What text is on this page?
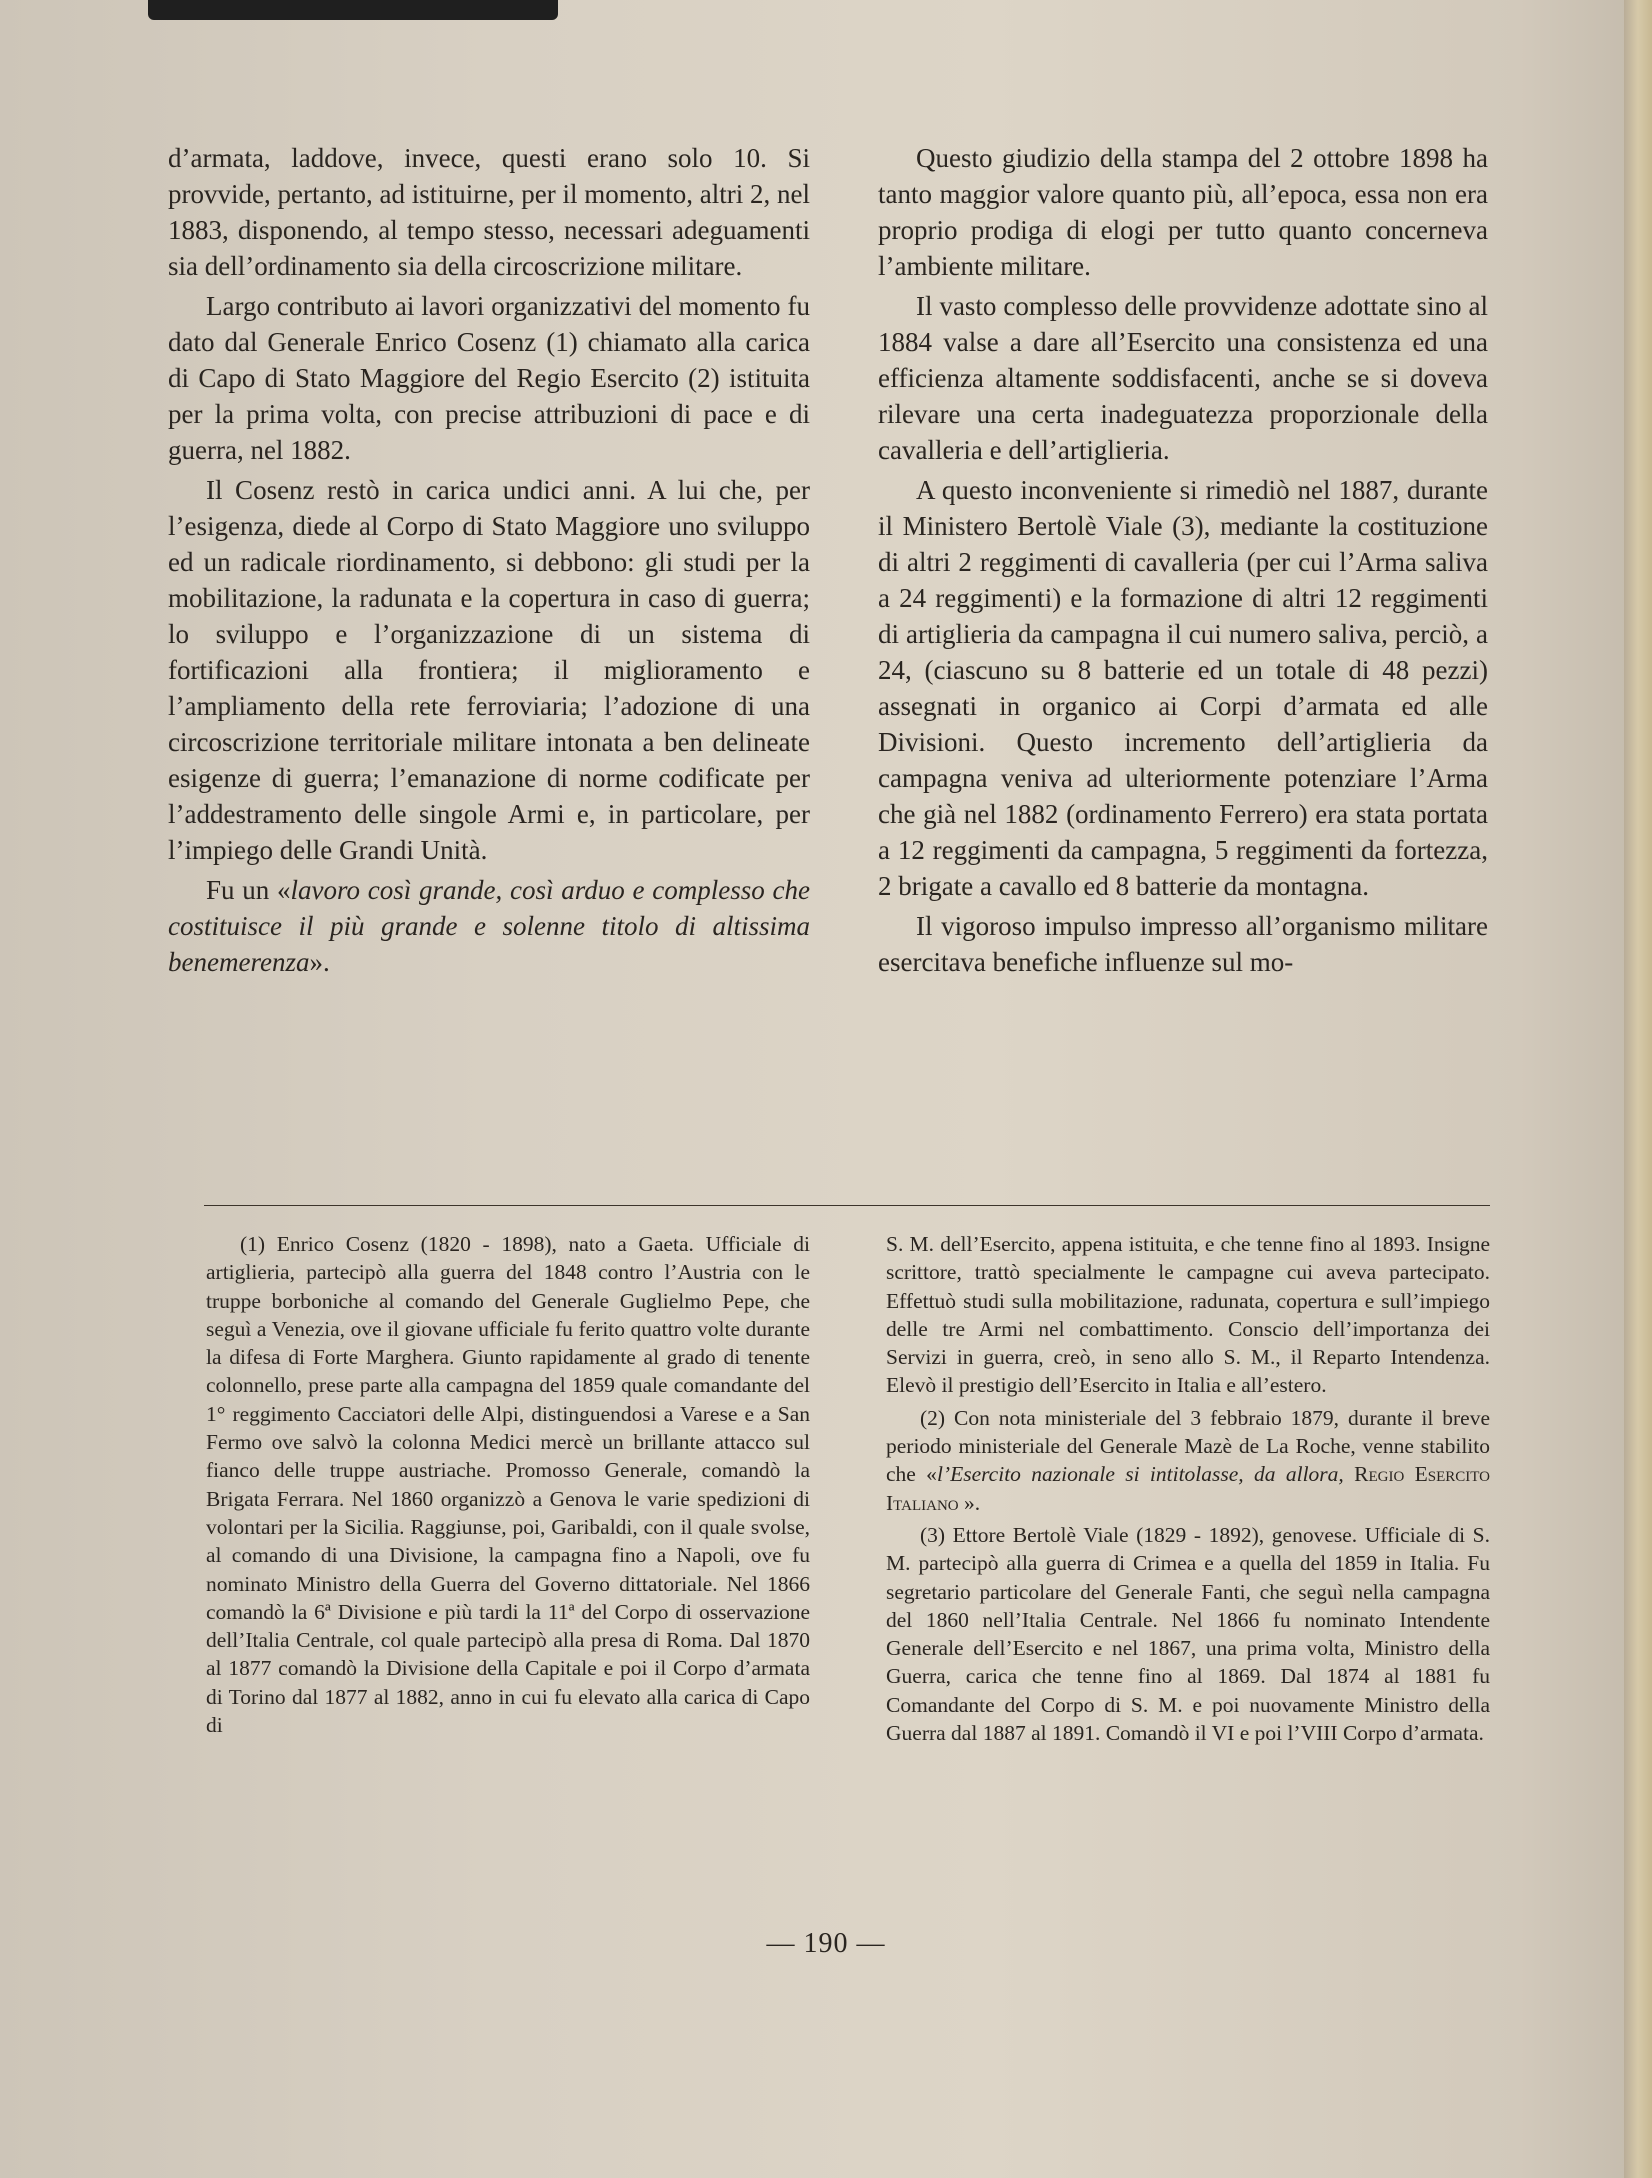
d’armata, laddove, invece, questi erano solo 10. Si provvide, pertanto, ad istituirne, per il momento, altri 2, nel 1883, disponendo, al tempo stesso, necessari adeguamenti sia dell’ordinamento sia della circoscrizione militare.

Largo contributo ai lavori organizzativi del momento fu dato dal Generale Enrico Cosenz (1) chiamato alla carica di Capo di Stato Maggiore del Regio Esercito (2) istituita per la prima volta, con precise attribuzioni di pace e di guerra, nel 1882.

Il Cosenz restò in carica undici anni. A lui che, per l’esigenza, diede al Corpo di Stato Maggiore uno sviluppo ed un radicale riordinamento, si debbono: gli studi per la mobilitazione, la radunata e la copertura in caso di guerra; lo sviluppo e l’organizzazione di un sistema di fortificazioni alla frontiera; il miglioramento e l’ampliamento della rete ferroviaria; l’adozione di una circoscrizione territoriale militare intonata a ben delineate esigenze di guerra; l’emanazione di norme codificate per l’addestramento delle singole Armi e, in particolare, per l’impiego delle Grandi Unità.

Fu un «lavoro così grande, così arduo e complesso che costituisce il più grande e solenne titolo di altissima benemerenza».

Questo giudizio della stampa del 2 ottobre 1898 ha tanto maggior valore quanto più, all’epoca, essa non era proprio prodiga di elogi per tutto quanto concerneva l’ambiente militare.

Il vasto complesso delle provvidenze adottate sino al 1884 valse a dare all’Esercito una consistenza ed una efficienza altamente soddisfacenti, anche se si doveva rilevare una certa inadeguatezza proporzionale della cavalleria e dell’artiglieria.

A questo inconveniente si rimediò nel 1887, durante il Ministero Bertolè Viale (3), mediante la costituzione di altri 2 reggimenti di cavalleria (per cui l’Arma saliva a 24 reggimenti) e la formazione di altri 12 reggimenti di artiglieria da campagna il cui numero saliva, perciò, a 24, (ciascuno su 8 batterie ed un totale di 48 pezzi) assegnati in organico ai Corpi d’armata ed alle Divisioni. Questo incremento dell’artiglieria da campagna veniva ad ulteriormente potenziare l’Arma che già nel 1882 (ordinamento Ferrero) era stata portata a 12 reggimenti da campagna, 5 reggimenti da fortezza, 2 brigate a cavallo ed 8 batterie da montagna.

Il vigoroso impulso impresso all’organismo militare esercitava benefiche influenze sul mo-

(1) Enrico Cosenz (1820 - 1898), nato a Gaeta. Ufficiale di artiglieria, partecipò alla guerra del 1848 contro l’Austria con le truppe borboniche al comando del Generale Guglielmo Pepe, che seguì a Venezia, ove il giovane ufficiale fu ferito quattro volte durante la difesa di Forte Marghera. Giunto rapidamente al grado di tenente colonnello, prese parte alla campagna del 1859 quale comandante del 1° reggimento Cacciatori delle Alpi, distinguendosi a Varese e a San Fermo ove salvò la colonna Medici mercè un brillante attacco sul fianco delle truppe austriache. Promosso Generale, comandò la Brigata Ferrara. Nel 1860 organizzò a Genova le varie spedizioni di volontari per la Sicilia. Raggiunse, poi, Garibaldi, con il quale svolse, al comando di una Divisione, la campagna fino a Napoli, ove fu nominato Ministro della Guerra del Governo dittatoriale. Nel 1866 comandò la 6ª Divisione e più tardi la 11ª del Corpo di osservazione dell’Italia Centrale, col quale partecipò alla presa di Roma. Dal 1870 al 1877 comandò la Divisione della Capitale e poi il Corpo d’armata di Torino dal 1877 al 1882, anno in cui fu elevato alla carica di Capo di

S. M. dell’Esercito, appena istituita, e che tenne fino al 1893. Insigne scrittore, trattò specialmente le campagne cui aveva partecipato. Effettuò studi sulla mobilitazione, radunata, copertura e sull’impiego delle tre Armi nel combattimento. Conscio dell’importanza dei Servizi in guerra, creò, in seno allo S. M., il Reparto Intendenza. Elevò il prestigio dell’Esercito in Italia e all’estero.

(2) Con nota ministeriale del 3 febbraio 1879, durante il breve periodo ministeriale del Generale Mazè de La Roche, venne stabilito che «l’Esercito nazionale si intitolasse, da allora, Regio Esercito Italiano ».

(3) Ettore Bertolè Viale (1829 - 1892), genovese. Ufficiale di S. M. partecipò alla guerra di Crimea e a quella del 1859 in Italia. Fu segretario particolare del Generale Fanti, che seguì nella campagna del 1860 nell’Italia Centrale. Nel 1866 fu nominato Intendente Generale dell’Esercito e nel 1867, una prima volta, Ministro della Guerra, carica che tenne fino al 1869. Dal 1874 al 1881 fu Comandante del Corpo di S. M. e poi nuovamente Ministro della Guerra dal 1887 al 1891. Comandò il VI e poi l’VIII Corpo d’armata.

— 190 —
